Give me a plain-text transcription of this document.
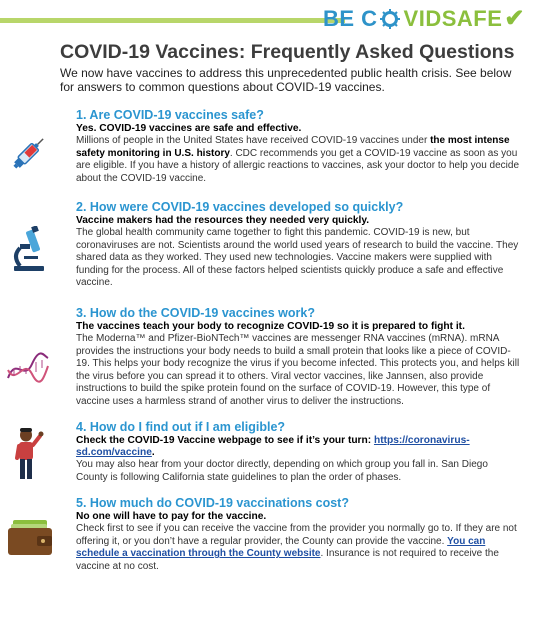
BE C VIDSAFE ✔
COVID-19 Vaccines: Frequently Asked Questions

We now have vaccines to address this unprecedented public health crisis. See below for answers to common questions about COVID-19 vaccines.

1. Are COVID-19 vaccines safe?

Yes. COVID-19 vaccines are safe and effective.

Millions of people in the United States have received COVID-19 vaccines under the most intense safety monitoring in U.S. history. CDC recommends you get a COVID-19 vaccine as soon as you are eligible. If you have a history of allergic reactions to vaccines, ask your doctor to help you decide about the COVID-19 vaccine.

2. How were COVID-19 vaccines developed so quickly?

Vaccine makers had the resources they needed very quickly.

The global health community came together to fight this pandemic. COVID-19 is new, but coronaviruses are not. Scientists around the world used years of research to build the vaccine. They shared data as they worked. They used new technologies. Vaccine makers were supplied with funding for the process. All of these factors helped scientists quickly produce a safe and effective vaccine.

3. How do the COVID-19 vaccines work?

The vaccines teach your body to recognize COVID-19 so it is prepared to fight it.

The Moderna™ and Pfizer-BioNTech™ vaccines are messenger RNA vaccines (mRNA). mRNA provides the instructions your body needs to build a small protein that looks like a piece of COVID-19. This helps your body recognize the virus if you become infected. This protects you, and helps kill the virus before you can spread it to others. Viral vector vaccines, like Jannsen, also provide instructions to build the spike protein found on the surface of COVID-19. However, this type of vaccine uses a harmless strand of another virus to deliver the instructions.

4. How do I find out if I am eligible?

Check the COVID-19 Vaccine webpage to see if it’s your turn: https://coronavirus-sd.com/vaccine.

You may also hear from your doctor directly, depending on which group you fall in. San Diego County is following California state guidelines to plan the order of phases.

5. How much do COVID-19 vaccinations cost?

No one will have to pay for the vaccine.

Check first to see if you can receive the vaccine from the provider you normally go to. If they are not offering it, or you don’t have a regular provider, the County can provide the vaccine. You can schedule a vaccination through the County website. Insurance is not required to receive the vaccine at no cost.
